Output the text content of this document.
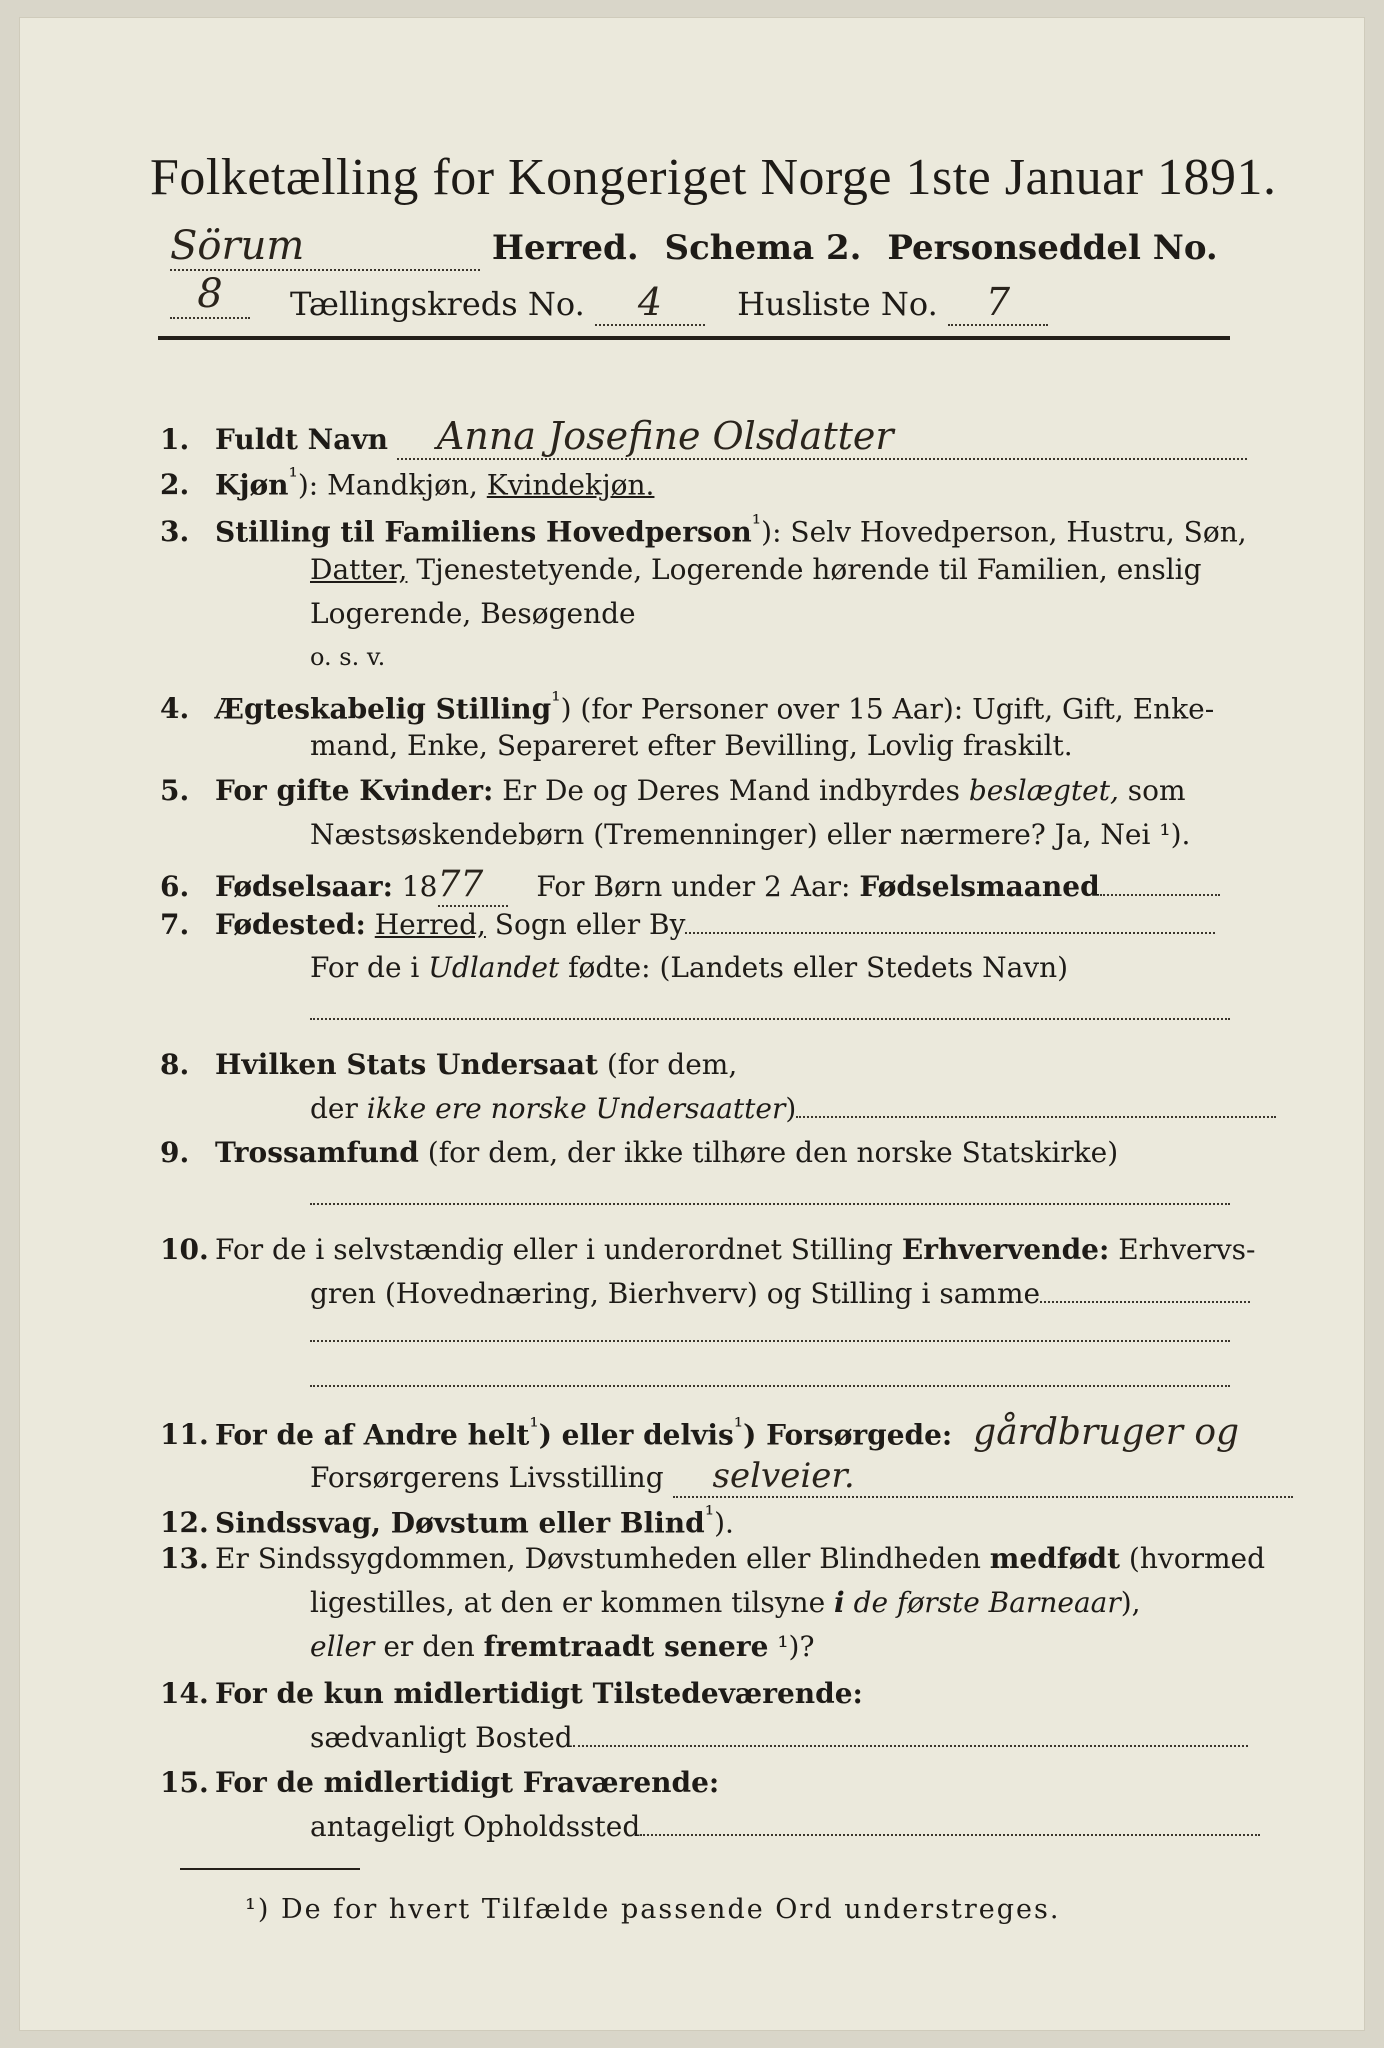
Folketælling for Kongeriget Norge 1ste Januar 1891.
Sörum	Herred. Schema 2. Personseddel No. 8	Tællingskreds No. 4 Husliste No. 7
1. Fuldt Navn Anna Josefine Olsdatter
2. Kjøn$^{^1}$): Mandkjøn, Kvindekjøn.
3. Stilling til Familiens Hovedperson$^{^1}$): Selv Hovedperson, Hustru, Søn,
Datter, Tjenestetyende, Logerende hørende til Familien, enslig
Logerende, Besøgende
o. s. v.
4. Ægteskabelig Stilling$^{^1}$) (for Personer over 15 Aar): Ugift, Gift, Enke-
mand, Enke, Separeret efter Bevilling, Lovlig fraskilt.
5. For gifte Kvinder: Er De og Deres Mand indbyrdes beslægtet, som
Næstsøskendebørn (Tremenninger) eller nærmere? Ja, Nei ¹).
6. Fødselsaar: 1877 For Børn under 2 Aar: Fødselsmaaned
7. Fødested: Herred, Sogn eller By
For de i Udlandet fødte: (Landets eller Stedets Navn)
8. Hvilken Stats Undersaat (for dem,
der ikke ere norske Undersaatter)
9. Trossamfund (for dem, der ikke tilhøre den norske Statskirke)
10. For de i selvstændig eller i underordnet Stilling Erhvervende: Erhvervs-
gren (Hovednæring, Bierhverv) og Stilling i samme
11. For de af Andre helt$^{^1}$) eller delvis$^{^1}$) Forsørgede: gårdbruger og
Forsørgerens Livsstilling selveier.
12. Sindssvag, Døvstum eller Blind$^{^1}$).
13. Er Sindssygdommen, Døvstumheden eller Blindheden medfødt (hvormed
ligestilles, at den er kommen tilsyne i de første Barneaar),
eller er den fremtraadt senere ¹)?
14. For de kun midlertidigt Tilstedeværende:
sædvanligt Bosted
15. For de midlertidigt Fraværende:
antageligt Opholdssted
¹) De for hvert Tilfælde passende Ord understreges.
